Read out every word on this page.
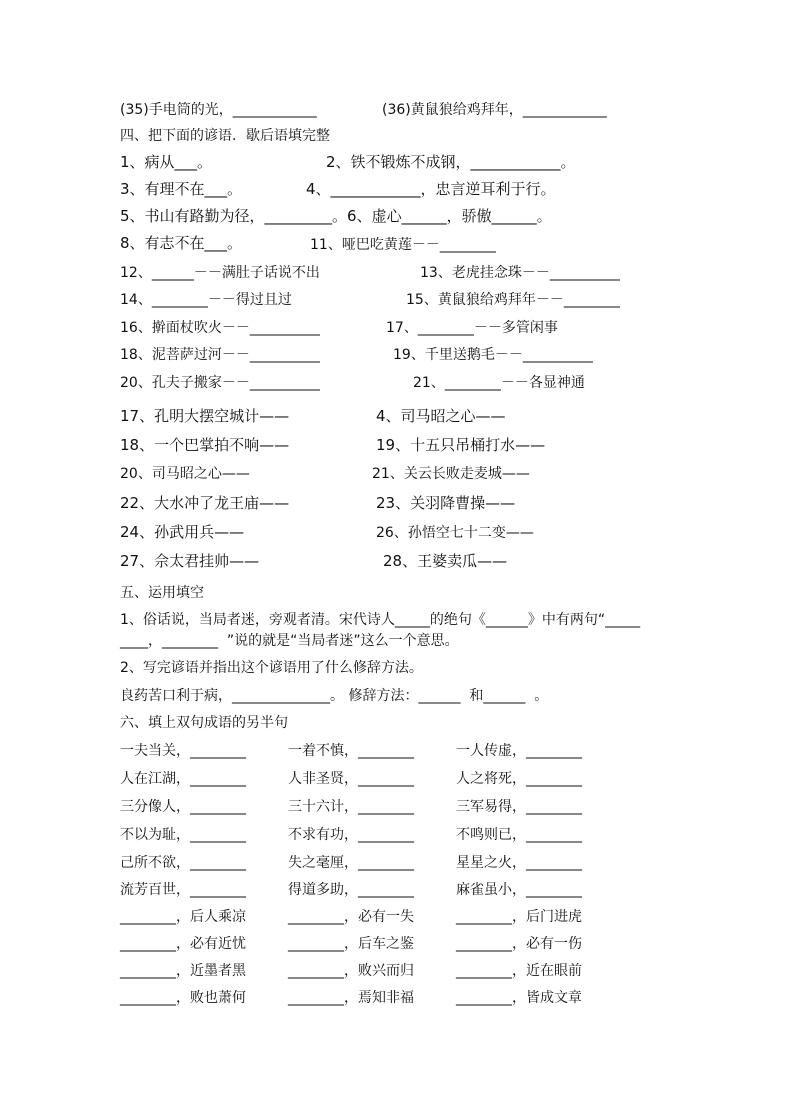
(35)手电筒的光，____________	(36)黄鼠狼给鸡拜年，____________
四、把下面的谚语．歇后语填完整
1、病从___。	2、铁不锻炼不成钢，____________。
3、有理不在___。	4、____________，忠言逆耳利于行。
5、书山有路勤为径，_________。6、虚心______，骄傲______。
8、有志不在___。	11、哑巴吃黄莲－－________
12、______－－满肚子话说不出	13、老虎挂念珠－－__________
14、________－－得过且过	15、黄鼠狼给鸡拜年－－________
16、擀面杖吹火－－__________	17、________－－多管闲事
18、泥菩萨过河－－__________	19、千里送鹅毛－－__________
20、孔夫子搬家－－__________	21、________－－各显神通
17、孔明大摆空城计——	4、司马昭之心——
18、一个巴掌拍不响——	19、十五只吊桶打水——
20、司马昭之心——	21、关云长败走麦城——
22、大水冲了龙王庙——	23、关羽降曹操——
24、孙武用兵——	26、孙悟空七十二变——
27、佘太君挂帅——	28、王婆卖瓜——
五、运用填空
1、俗话说，当局者迷，旁观者清。宋代诗人_____的绝句《______》中有两句“_____
____，________  ”说的就是“当局者迷”这么一个意思。
2、写完谚语并指出这个谚语用了什么修辞方法。
良药苦口利于病，______________。 修辞方法：______  和______  。
六、填上双句成语的另半句
一夫当关，________	一着不慎，________	一人传虚，________
人在江湖，________	人非圣贤，________	人之将死，________
三分像人，________	三十六计，________	三军易得，________
不以为耻，________	不求有功，________	不鸣则已，________
己所不欲，________	失之毫厘，________	星星之火，________
流芳百世，________	得道多助，________	麻雀虽小，________
________，后人乘凉	________，必有一失	________，后门进虎
________，必有近忧	________，后车之鉴	________，必有一伤
________，近墨者黑	________，败兴而归	________，近在眼前
________，败也萧何	________，焉知非福	________，皆成文章
